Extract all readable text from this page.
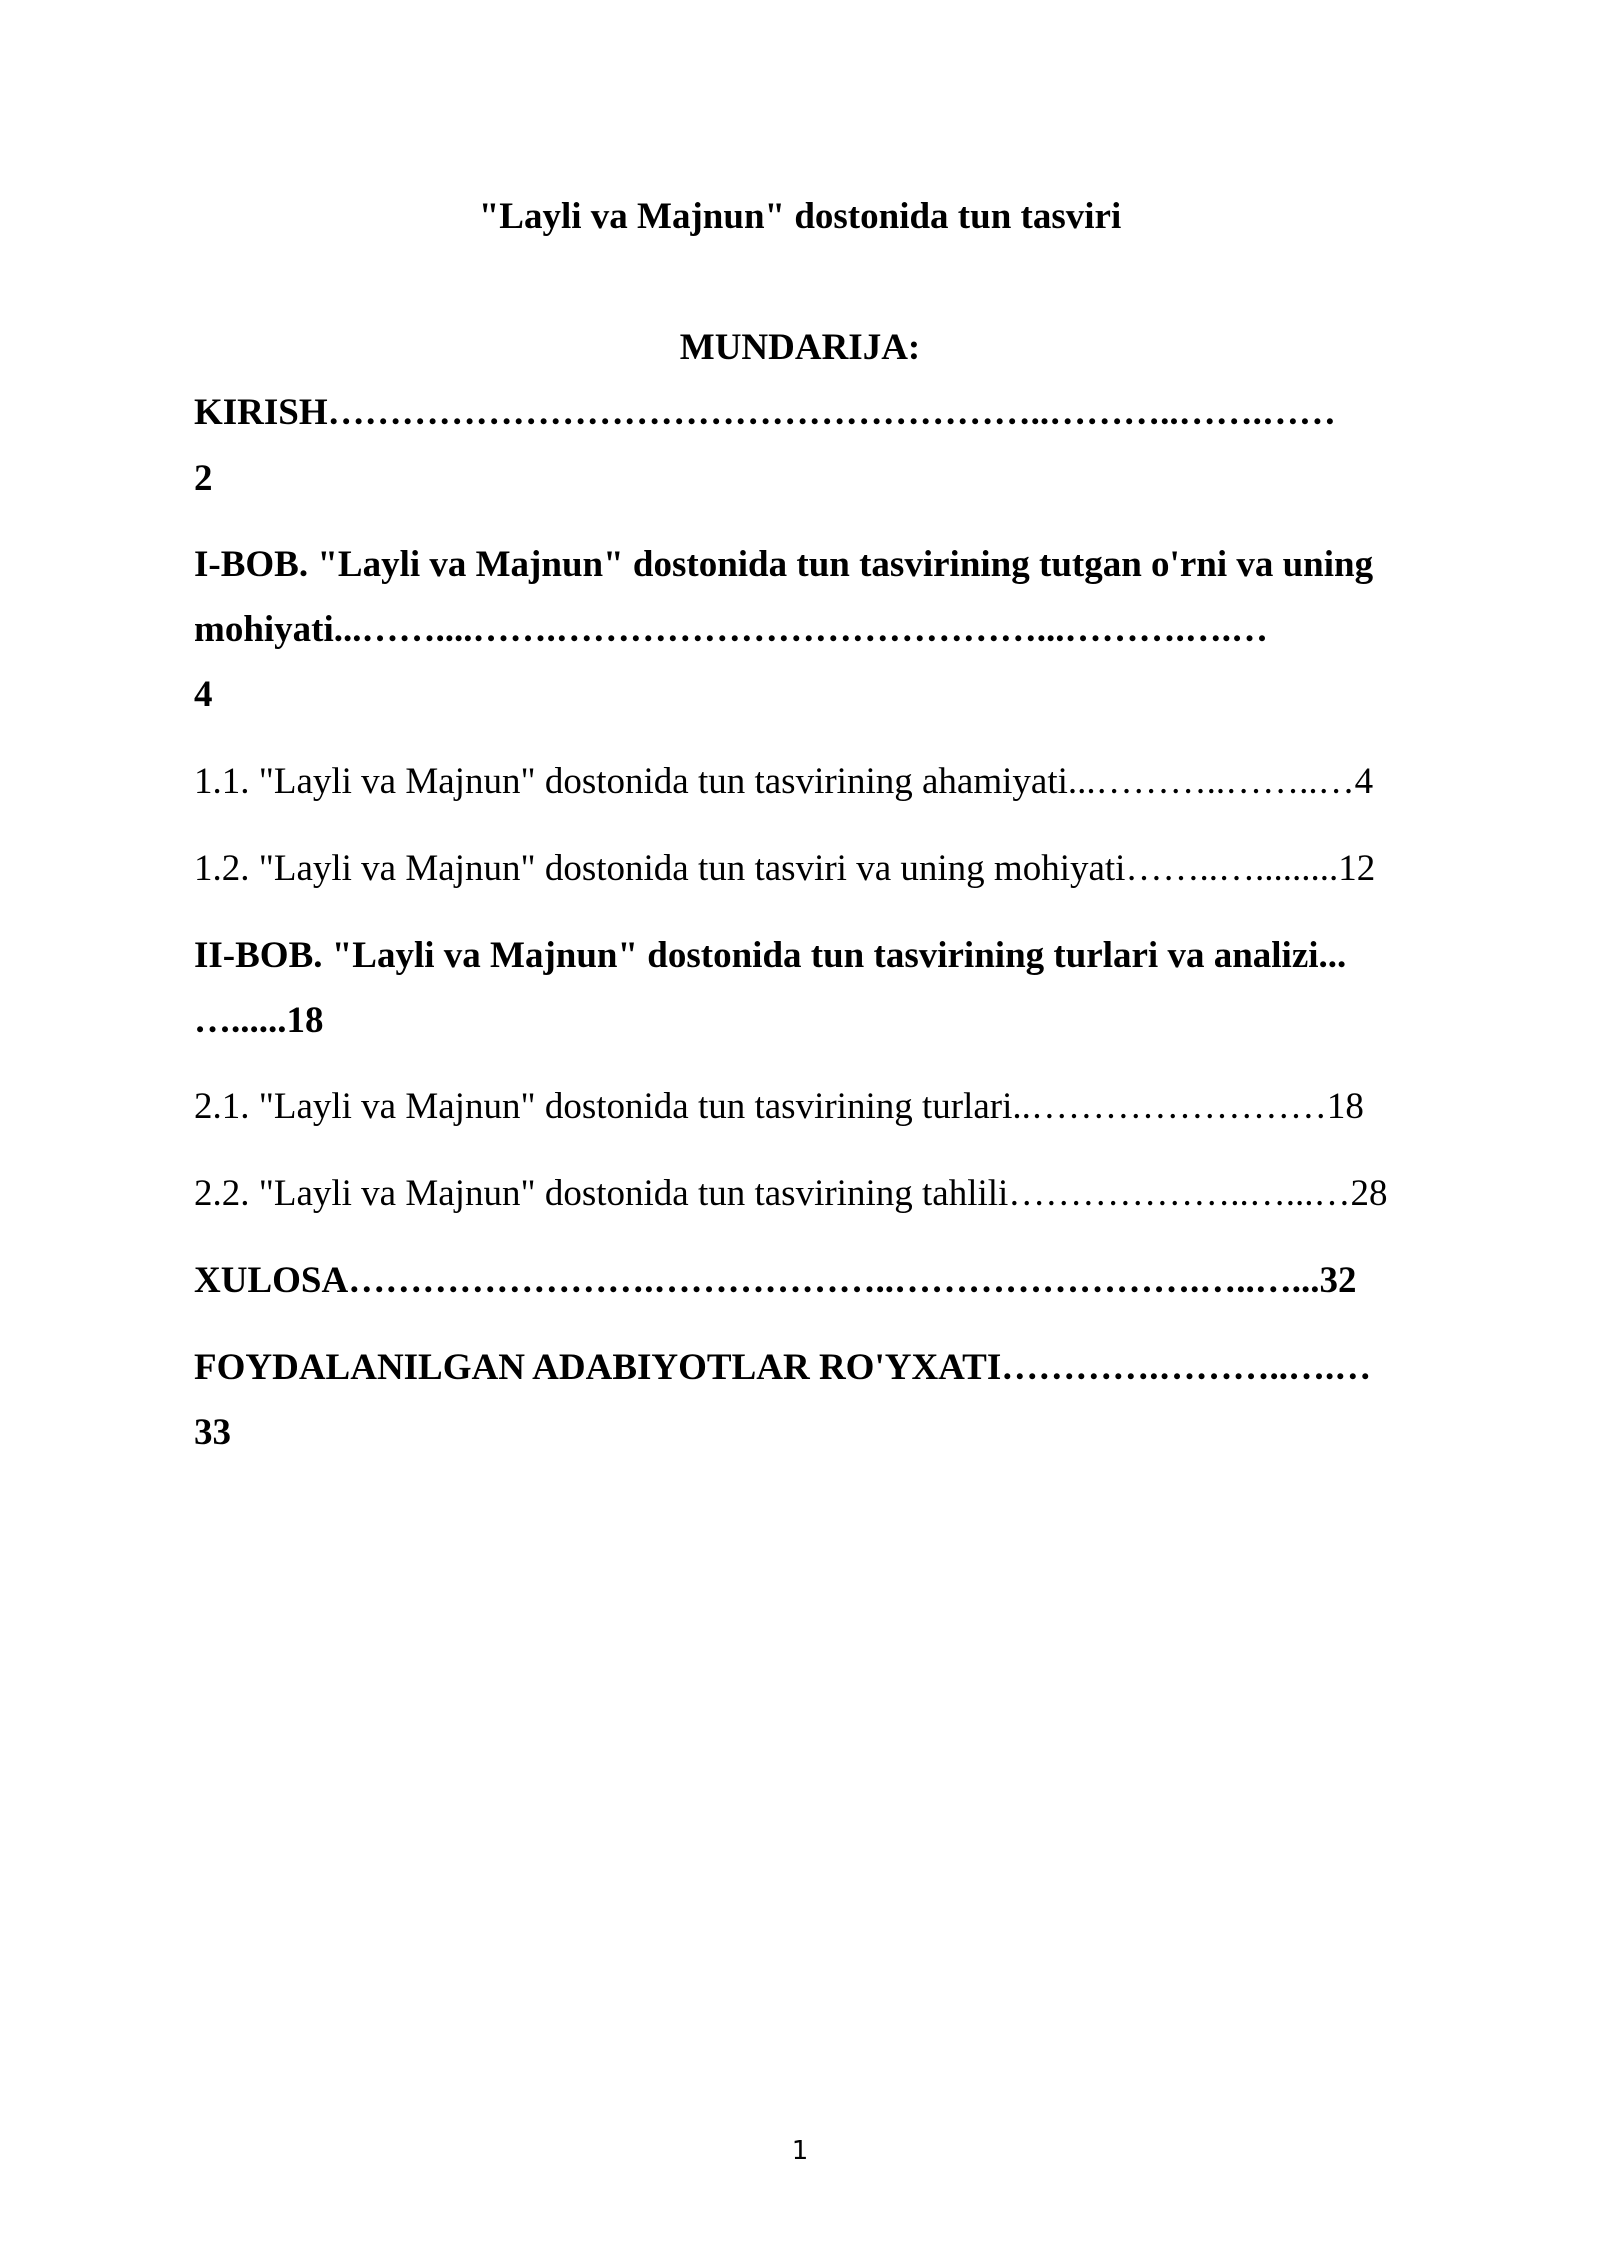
"Layli va Majnun" dostonida tun tasviri
MUNDARIJA:
KIRISH…………………………………………………..………..…….……
2
I-BOB. "Layli va Majnun" dostonida tun tasvirining tutgan o'rni va uning
mohiyati...……....…….…………………………………...……….….…
4
1.1. "Layli va Majnun" dostonida tun tasvirining ahamiyati...………..……..…4
1.2. "Layli va Majnun" dostonida tun tasviri va uning mohiyati……..….........12
II-BOB. "Layli va Majnun" dostonida tun tasvirining turlari va analizi...
…......18
2.1. "Layli va Majnun" dostonida tun tasvirining turlari..……………………18
2.2. "Layli va Majnun" dostonida tun tasvirining tahlili………………..…...…28
XULOSA…………………….………………..…………………….…..…...32
FOYDALANILGAN ADABIYOTLAR RO'YXATI………….………..….…
33
1
